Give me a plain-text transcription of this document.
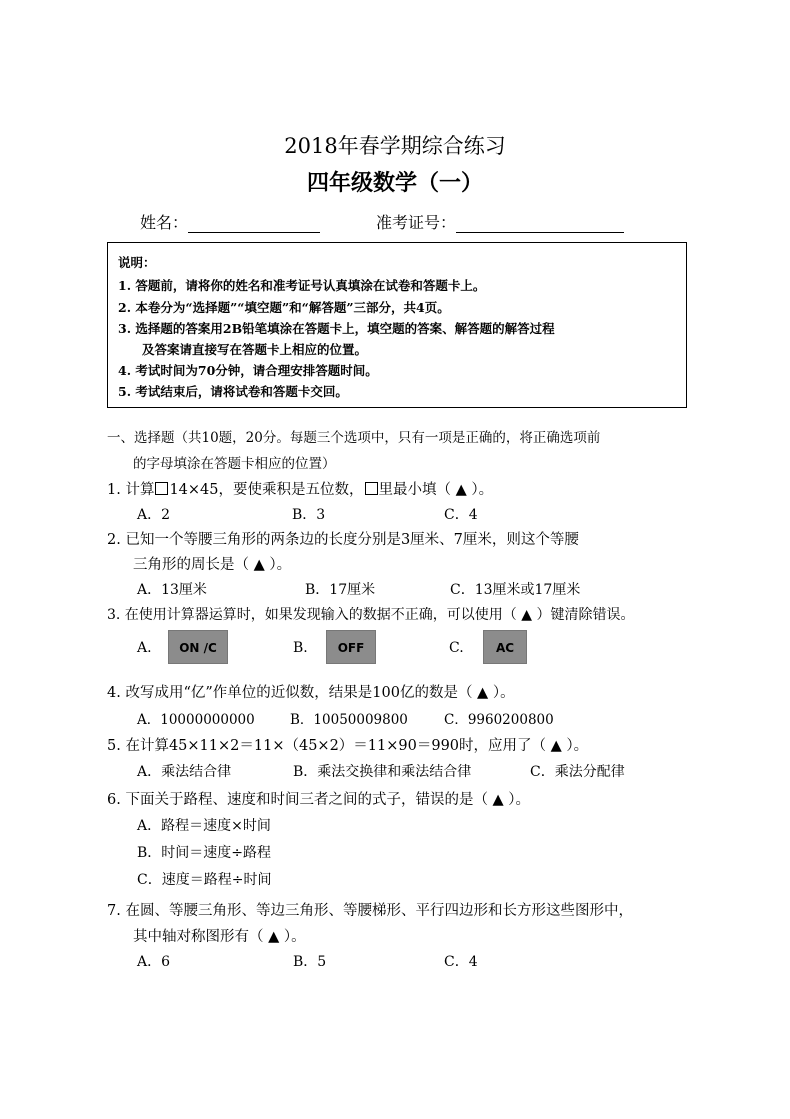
2018年春学期综合练习
四年级数学（一）
姓名：	准考证号：
说明：
1. 答题前，请将你的姓名和准考证号认真填涂在试卷和答题卡上。
2. 本卷分为“选择题”“填空题”和“解答题”三部分，共4页。
3. 选择题的答案用2B铅笔填涂在答题卡上，填空题的答案、解答题的解答过程
及答案请直接写在答题卡上相应的位置。
4. 考试时间为70分钟，请合理安排答题时间。
5. 考试结束后，请将试卷和答题卡交回。
一、选择题（共10题，20分。每题三个选项中，只有一项是正确的，将正确选项前
的字母填涂在答题卡相应的位置）
1. 计算 14×45，要使乘积是五位数， 里最小填（ ▲ ）。
A．2	B．3	C．4
2. 已知一个等腰三角形的两条边的长度分别是3厘米、7厘米，则这个等腰
三角形的周长是（ ▲ ）。
A．13厘米	B．17厘米	C．13厘米或17厘米
3. 在使用计算器运算时，如果发现输入的数据不正确，可以使用（ ▲ ）键清除错误。
A.	ON /C	B.	OFF	C.	AC
4. 改写成用“亿”作单位的近似数，结果是100亿的数是（ ▲ ）。
A．10000000000	B．10050009800	C．9960200800
5. 在计算45×11×2＝11×（45×2）＝11×90＝990时，应用了（ ▲ ）。
A．乘法结合律	B．乘法交换律和乘法结合律	C．乘法分配律
6. 下面关于路程、速度和时间三者之间的式子，错误的是（ ▲ ）。
A．路程＝速度×时间
B．时间＝速度÷路程
C．速度＝路程÷时间
7. 在圆、等腰三角形、等边三角形、等腰梯形、平行四边形和长方形这些图形中，
其中轴对称图形有（ ▲ ）。
A．6	B．5	C．4
